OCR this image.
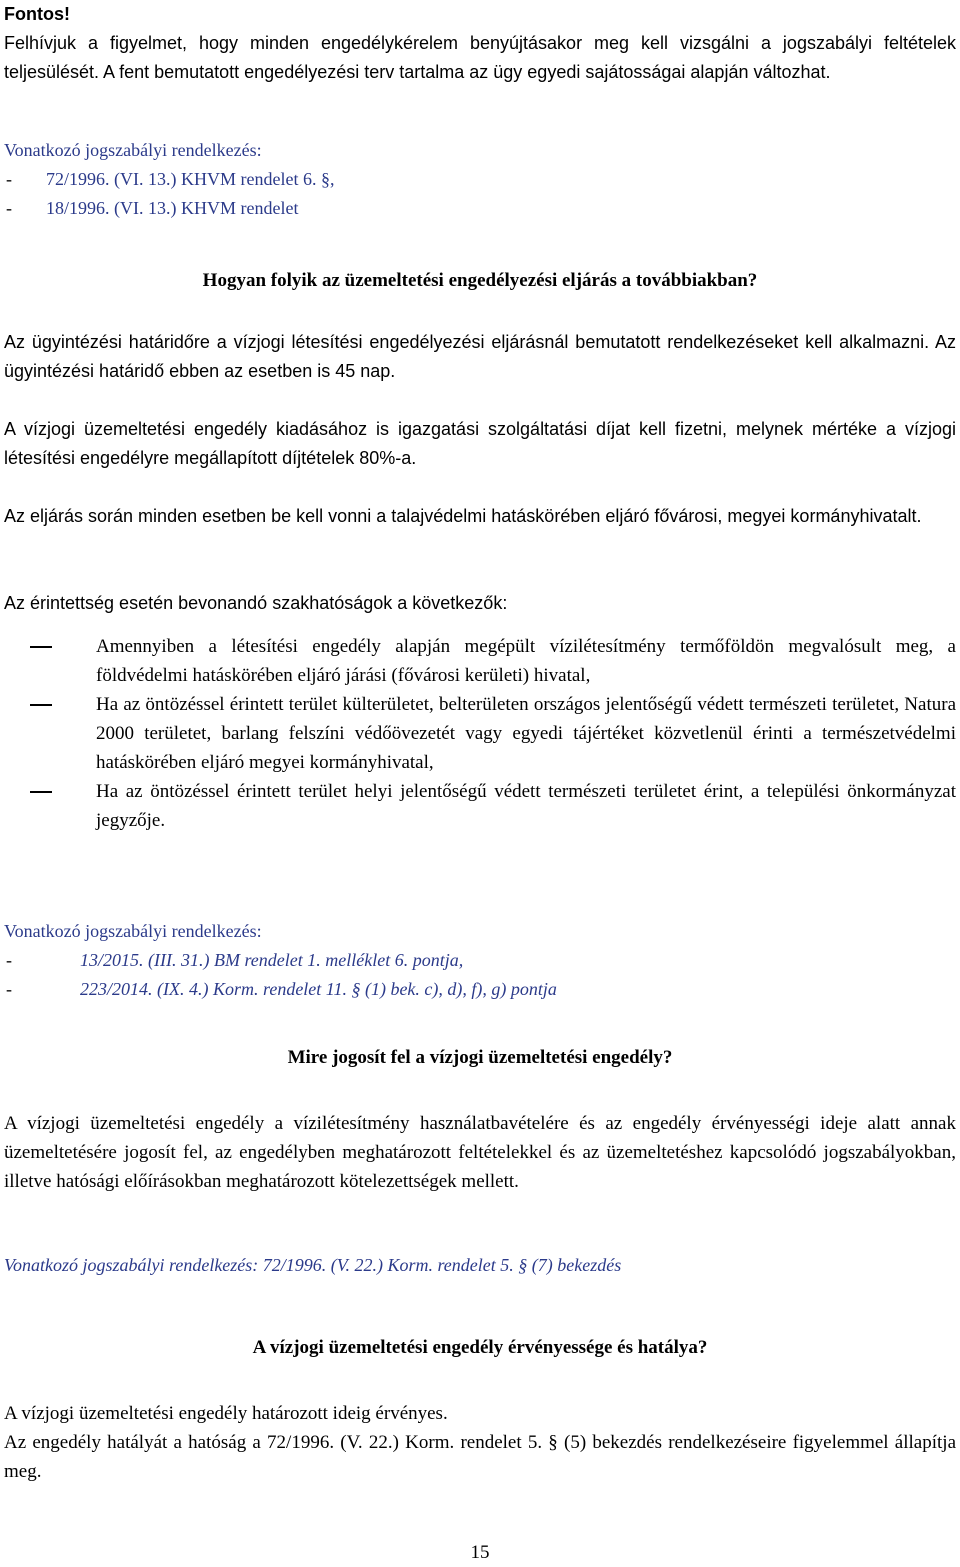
Fontos!
Felhívjuk a figyelmet, hogy minden engedélykérelem benyújtásakor meg kell vizsgálni a jogszabályi feltételek teljesülését. A fent bemutatott engedélyezési terv tartalma az ügy egyedi sajátosságai alapján változhat.
Vonatkozó jogszabályi rendelkezés:
-	72/1996. (VI. 13.) KHVM rendelet 6. §,
-	18/1996. (VI. 13.) KHVM rendelet
Hogyan folyik az üzemeltetési engedélyezési eljárás a továbbiakban?
Az ügyintézési határidőre a vízjogi létesítési engedélyezési eljárásnál bemutatott rendelkezéseket kell alkalmazni. Az ügyintézési határidő ebben az esetben is 45 nap.
A vízjogi üzemeltetési engedély kiadásához is igazgatási szolgáltatási díjat kell fizetni, melynek mértéke a vízjogi létesítési engedélyre megállapított díjtételek 80%-a.
Az eljárás során minden esetben be kell vonni a talajvédelmi hatáskörében eljáró fővárosi, megyei kormányhivatalt.
Az érintettség esetén bevonandó szakhatóságok a következők:
Amennyiben a létesítési engedély alapján megépült vízilétesítmény termőföldön megvalósult meg, a földvédelmi hatáskörében eljáró járási (fővárosi kerületi) hivatal,
Ha az öntözéssel érintett terület külterületet, belterületen országos jelentőségű védett természeti területet, Natura 2000 területet, barlang felszíni védőövezetét vagy egyedi tájértéket közvetlenül érinti a természetvédelmi hatáskörében eljáró megyei kormányhivatal,
Ha az öntözéssel érintett terület helyi jelentőségű védett természeti területet érint, a települési önkormányzat jegyzője.
Vonatkozó jogszabályi rendelkezés:
-	13/2015. (III. 31.) BM rendelet 1. melléklet 6. pontja,
-	223/2014. (IX. 4.) Korm. rendelet 11. § (1) bek. c), d), f), g) pontja
Mire jogosít fel a vízjogi üzemeltetési engedély?
A vízjogi üzemeltetési engedély a vízilétesítmény használatbavételére és az engedély érvényességi ideje alatt annak üzemeltetésére jogosít fel, az engedélyben meghatározott feltételekkel és az üzemeltetéshez kapcsolódó jogszabályokban, illetve hatósági előírásokban meghatározott kötelezettségek mellett.
Vonatkozó jogszabályi rendelkezés: 72/1996. (V. 22.) Korm. rendelet 5. § (7) bekezdés
A vízjogi üzemeltetési engedély érvényessége és hatálya?
A vízjogi üzemeltetési engedély határozott ideig érvényes.
Az engedély hatályát a hatóság a 72/1996. (V. 22.) Korm. rendelet 5. § (5) bekezdés rendelkezéseire figyelemmel állapítja meg.
15
